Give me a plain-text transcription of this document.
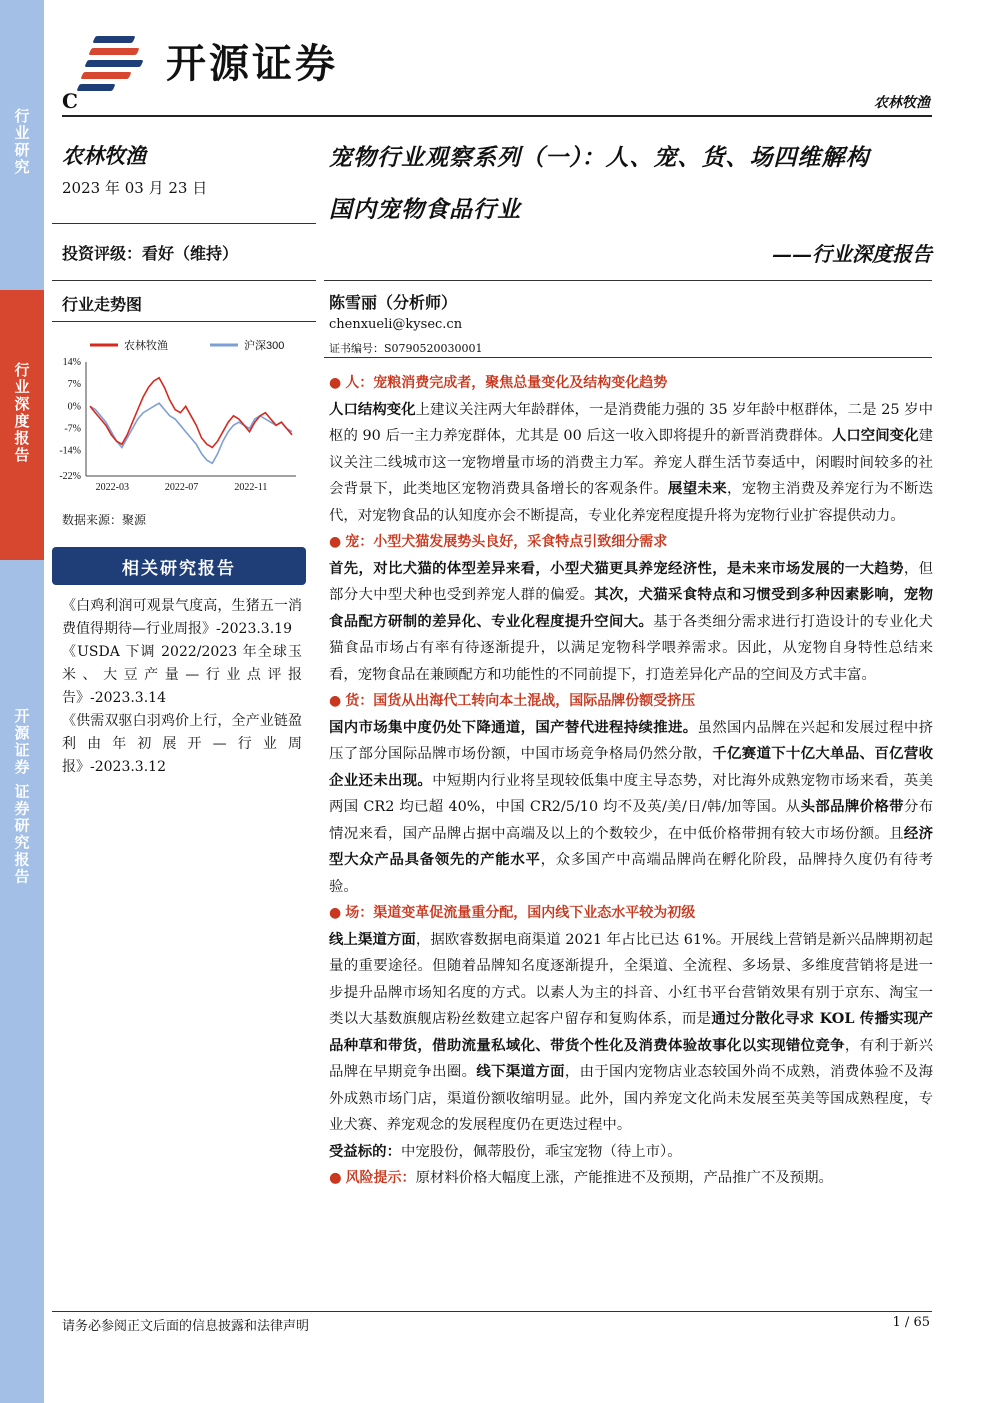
行业研究
行业深度报告
开源证券 证券研究报告
开源证券
C	农林牧渔
农林牧渔
2023 年 03 月 23 日
投资评级：看好（维持）
行业走势图
14%
7%
0%
-7%
-14%
-22%
2022-03	2022-07	2022-11
农林牧渔	沪深300
数据来源：聚源
相关研究报告

《白鸡利润可观景气度高，生猪五一消费值得期待—行业周报》-2023.3.19

《USDA 下调 2022/2023 年全球玉米、大豆产量—行业点评报告》-2023.3.14

《供需双驱白羽鸡价上行，全产业链盈利由年初展开—行业周报》-2023.3.12

宠物行业观察系列（一）：人、宠、货、场四维解构
国内宠物食品行业
——行业深度报告
陈雪丽（分析师）
chenxueli@kysec.cn
证书编号：S0790520030001

● 人：宠粮消费完成者，聚焦总量变化及结构变化趋势

人口结构变化上建议关注两大年龄群体，一是消费能力强的 35 岁年龄中枢群体，二是 25 岁中枢的 90 后一主力养宠群体，尤其是 00 后这一收入即将提升的新晋消费群体。人口空间变化建议关注二线城市这一宠物增量市场的消费主力军。养宠人群生活节奏适中，闲暇时间较多的社会背景下，此类地区宠物消费具备增长的客观条件。展望未来，宠物主消费及养宠行为不断迭代，对宠物食品的认知度亦会不断提高，专业化养宠程度提升将为宠物行业扩容提供动力。

● 宠：小型犬猫发展势头良好，采食特点引致细分需求

首先，对比犬猫的体型差异来看，小型犬猫更具养宠经济性，是未来市场发展的一大趋势，但部分大中型犬种也受到养宠人群的偏爱。其次，犬猫采食特点和习惯受到多种因素影响，宠物食品配方研制的差异化、专业化程度提升空间大。基于各类细分需求进行打造设计的专业化犬猫食品市场占有率有待逐渐提升，以满足宠物科学喂养需求。因此，从宠物自身特性总结来看，宠物食品在兼顾配方和功能性的不同前提下，打造差异化产品的空间及方式丰富。

● 货：国货从出海代工转向本土混战，国际品牌份额受挤压

国内市场集中度仍处下降通道，国产替代进程持续推进。虽然国内品牌在兴起和发展过程中挤压了部分国际品牌市场份额，中国市场竞争格局仍然分散，千亿赛道下十亿大单品、百亿营收企业还未出现。中短期内行业将呈现较低集中度主导态势，对比海外成熟宠物市场来看，英美两国 CR2 均已超 40%，中国 CR2/5/10 均不及英/美/日/韩/加等国。从头部品牌价格带分布情况来看，国产品牌占据中高端及以上的个数较少，在中低价格带拥有较大市场份额。且经济型大众产品具备领先的产能水平，众多国产中高端品牌尚在孵化阶段，品牌持久度仍有待考验。

● 场：渠道变革促流量重分配，国内线下业态水平较为初级

线上渠道方面，据欧睿数据电商渠道 2021 年占比已达 61%。开展线上营销是新兴品牌期初起量的重要途径。但随着品牌知名度逐渐提升，全渠道、全流程、多场景、多维度营销将是进一步提升品牌市场知名度的方式。以素人为主的抖音、小红书平台营销效果有别于京东、淘宝一类以大基数旗舰店粉丝数建立起客户留存和复购体系，而是通过分散化寻求 KOL 传播实现产品种草和带货，借助流量私域化、带货个性化及消费体验故事化以实现错位竞争，有利于新兴品牌在早期竞争出圈。线下渠道方面，由于国内宠物店业态较国外尚不成熟，消费体验不及海外成熟市场门店，渠道份额收缩明显。此外，国内养宠文化尚未发展至英美等国成熟程度，专业犬赛、养宠观念的发展程度仍在更迭过程中。

受益标的：中宠股份，佩蒂股份，乖宝宠物（待上市）。

● 风险提示：原材料价格大幅度上涨，产能推进不及预期，产品推广不及预期。

请务必参阅正文后面的信息披露和法律声明	1 / 65
